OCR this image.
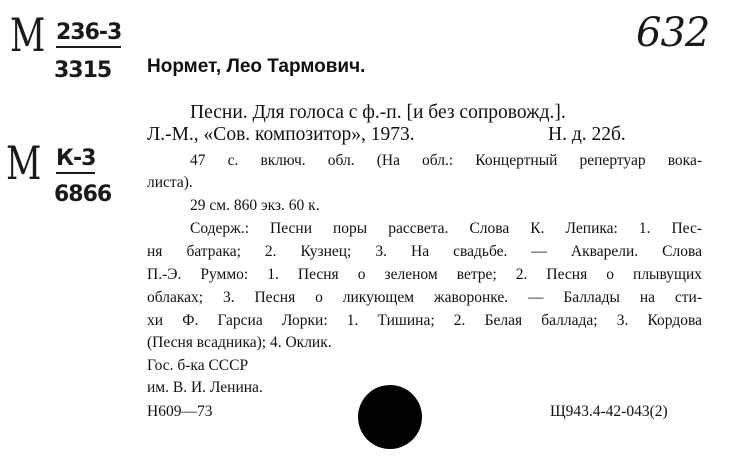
М 236-3
3315
М К-3
6866
632
Нормет, Лео Тармович.
Песни. Для голоса с ф.-п. [и без сопровожд.].
Л.-М., «Сов. композитор», 1973.	Н. д. 22б.
47 с. включ. обл. (На обл.: Концертный репертуар вока-
листа).
29 см. 860 экз. 60 к.
Содерж.: Песни поры рассвета. Слова К. Лепика: 1. Пес-
ня батрака; 2. Кузнец; 3. На свадьбе. — Акварели. Слова
П.-Э. Руммо: 1. Песня о зеленом ветре; 2. Песня о плывущих
облаках; 3. Песня о ликующем жаворонке. — Баллады на сти-
хи Ф. Гарсиа Лорки: 1. Тишина; 2. Белая баллада; 3. Кордова
(Песня всадника); 4. Оклик.
Гос. б-ка СССР
им. В. И. Ленина.
Н609—73	Щ943.4-42-043(2)
